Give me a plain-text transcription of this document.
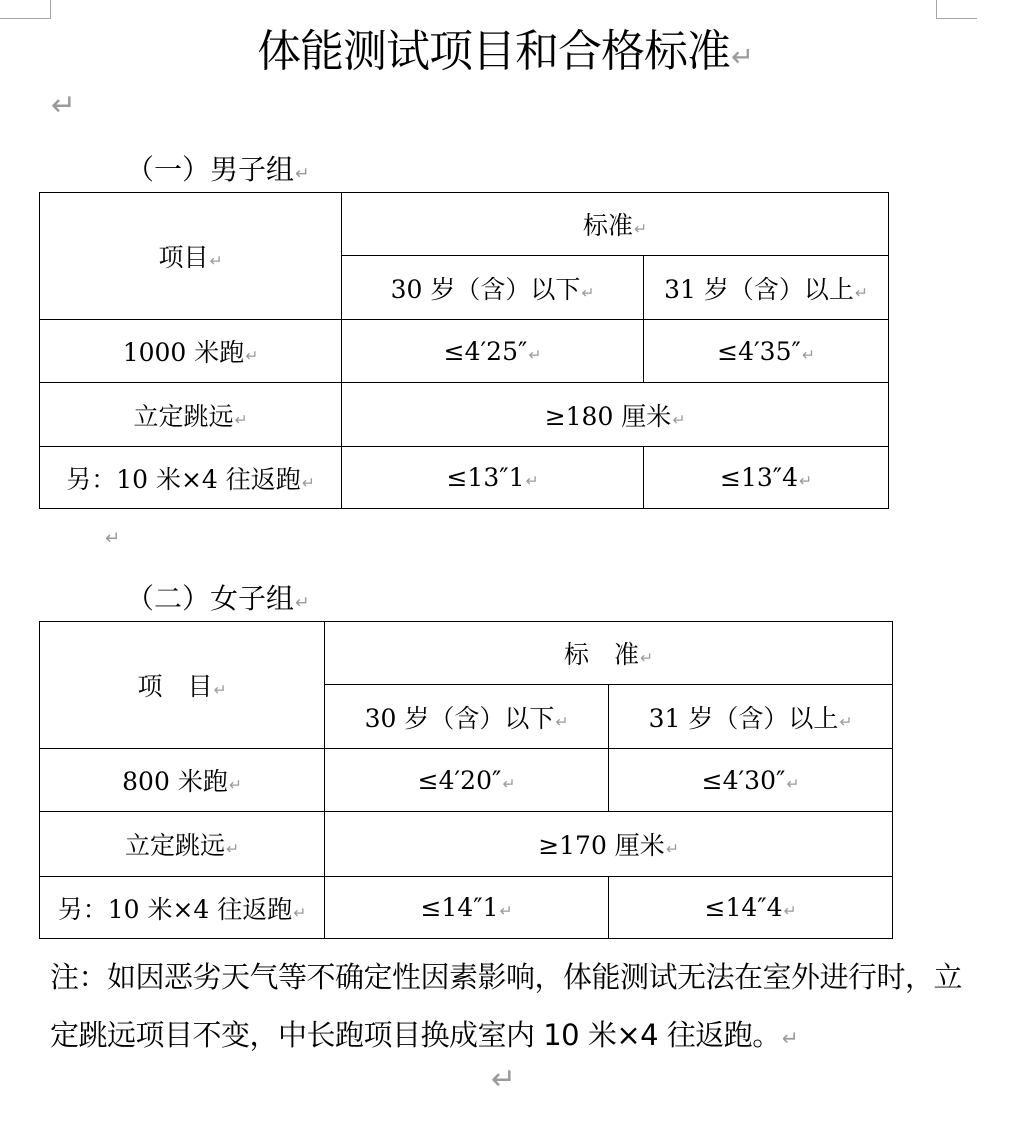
体能测试项目和合格标准↵
↵
（一）男子组↵
项目↵	标准↵	
	30 岁（含）以下↵	31 岁（含）以上↵
1000 米跑↵	≤4′25″↵	≤4′35″↵
立定跳远↵	≥180 厘米↵	
另：10 米×4 往返跑↵	≤13″1↵	≤13″4↵
↵
（二）女子组↵
项　目↵	标　准↵	
	30 岁（含）以下↵	31 岁（含）以上↵
800 米跑↵	≤4′20″↵	≤4′30″↵
立定跳远↵	≥170 厘米↵	
另：10 米×4 往返跑↵	≤14″1↵	≤14″4↵
注：如因恶劣天气等不确定性因素影响，体能测试无法在室外进行时，立定跳远项目不变，中长跑项目换成室内 10 米×4 往返跑。↵
↵
